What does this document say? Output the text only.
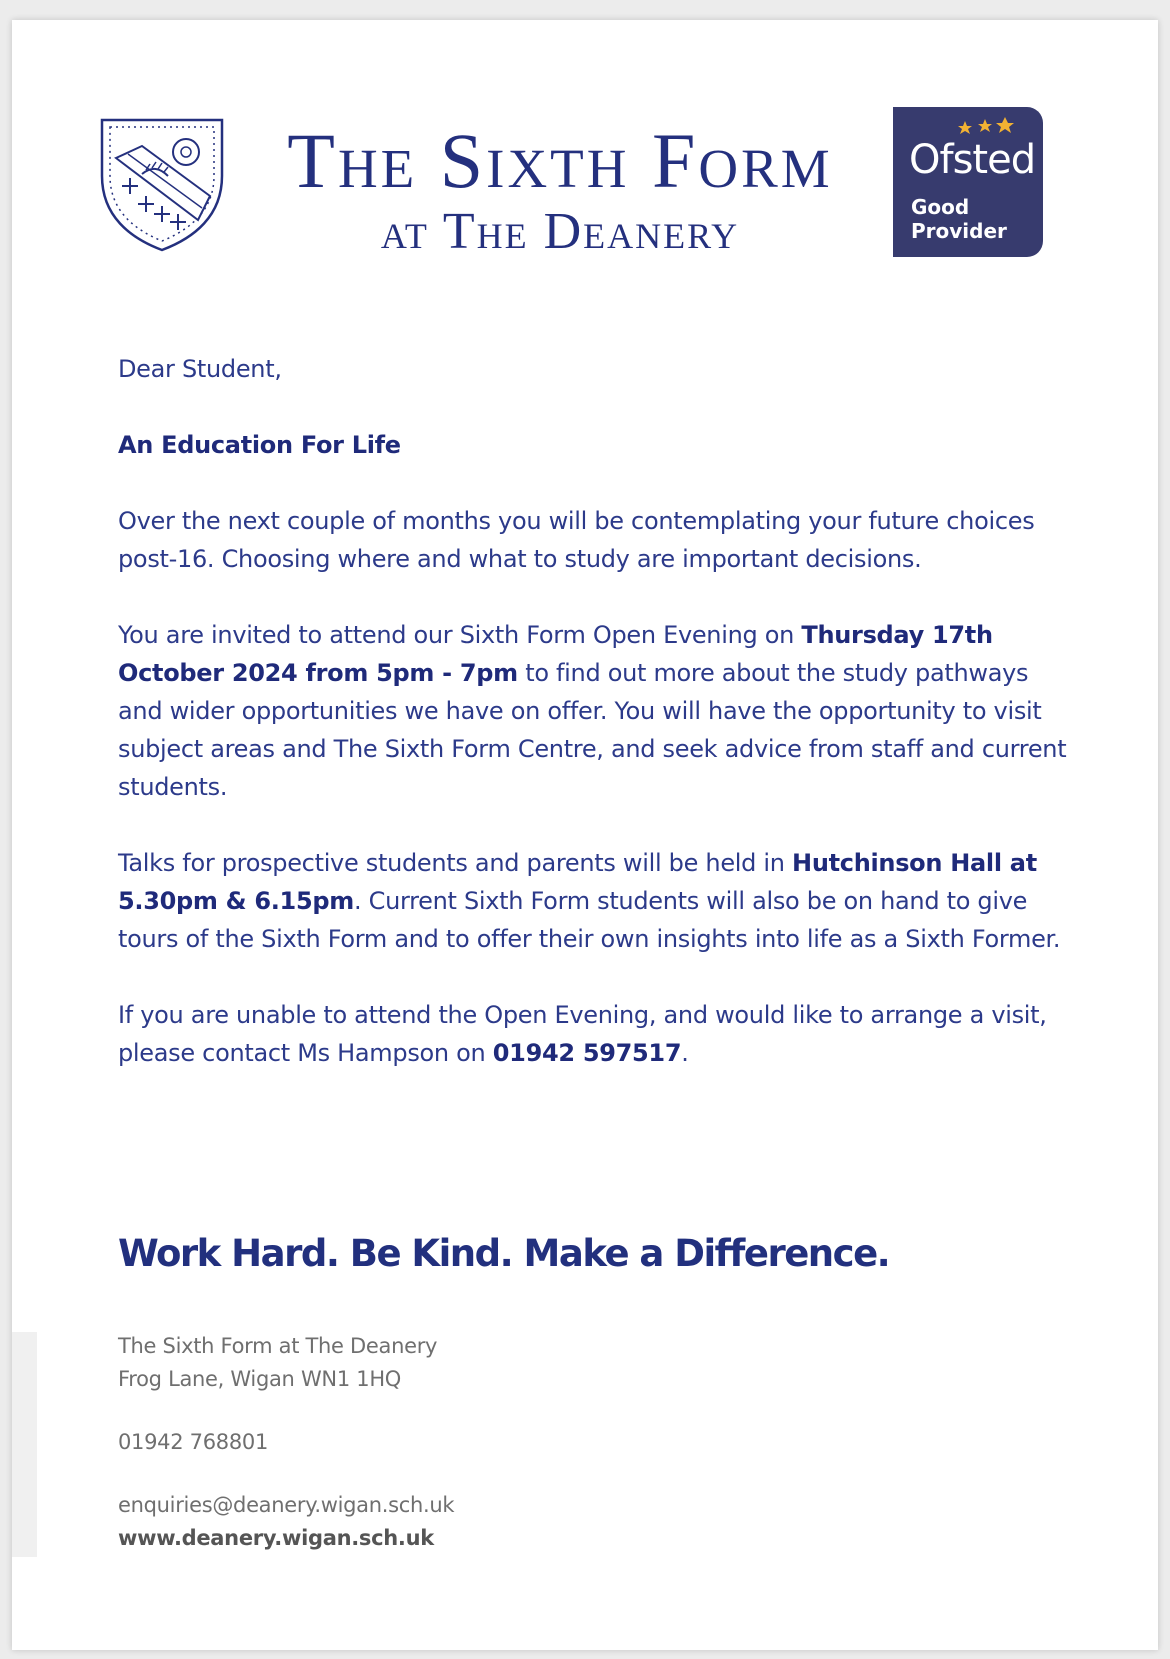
The Sixth Form
at The Deanery
Ofsted
Good
Provider

Dear Student,

An Education For Life

Over the next couple of months you will be contemplating your future choices post-16. Choosing where and what to study are important decisions.

You are invited to attend our Sixth Form Open Evening on Thursday 17th October 2024 from 5pm - 7pm to find out more about the study pathways and wider opportunities we have on offer. You will have the opportunity to visit subject areas and The Sixth Form Centre, and seek advice from staff and current students.

Talks for prospective students and parents will be held in Hutchinson Hall at 5.30pm & 6.15pm. Current Sixth Form students will also be on hand to give tours of the Sixth Form and to offer their own insights into life as a Sixth Former.

If you are unable to attend the Open Evening, and would like to arrange a visit, please contact Ms Hampson on 01942 597517.

Work Hard. Be Kind. Make a Difference.
The Sixth Form at The Deanery
Frog Lane, Wigan WN1 1HQ
01942 768801
enquiries@deanery.wigan.sch.uk
www.deanery.wigan.sch.uk
